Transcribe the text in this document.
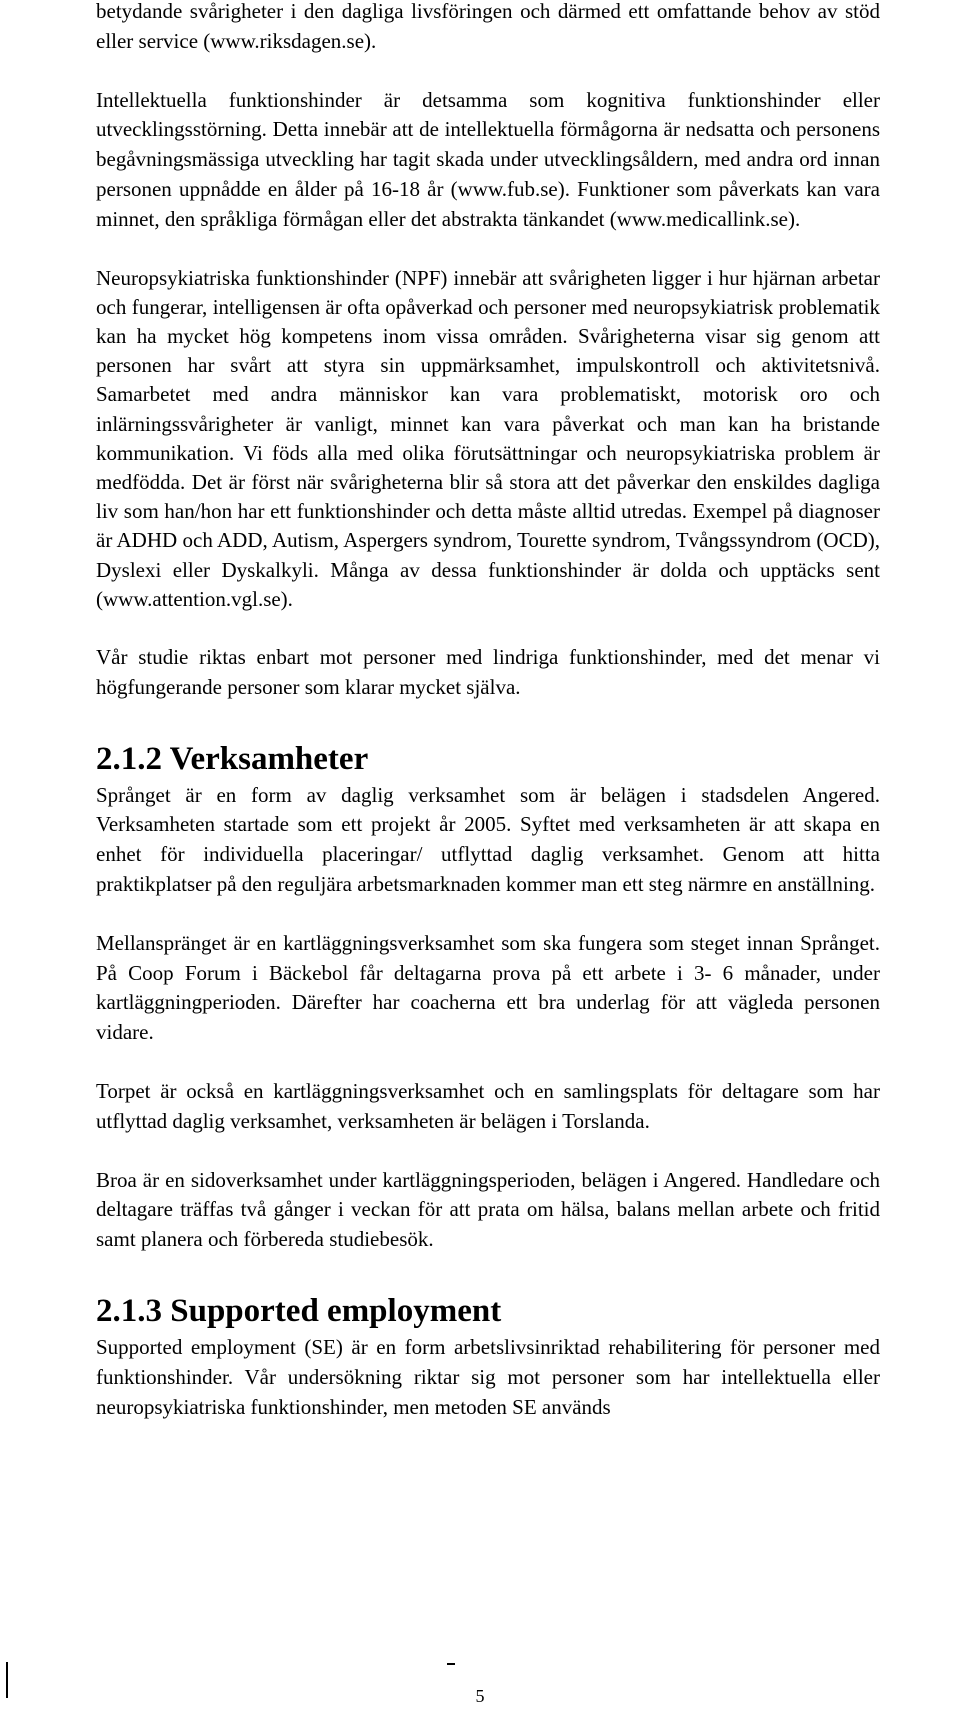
betydande svårigheter i den dagliga livsföringen och därmed ett omfattande behov av stöd eller service (www.riksdagen.se).

Intellektuella funktionshinder är detsamma som kognitiva funktionshinder eller utvecklingsstörning. Detta innebär att de intellektuella förmågorna är nedsatta och personens begåvningsmässiga utveckling har tagit skada under utvecklingsåldern, med andra ord innan personen uppnådde en ålder på 16-18 år (www.fub.se). Funktioner som påverkats kan vara minnet, den språkliga förmågan eller det abstrakta tänkandet (www.medicallink.se).

Neuropsykiatriska funktionshinder (NPF) innebär att svårigheten ligger i hur hjärnan arbetar och fungerar, intelligensen är ofta opåverkad och personer med neuropsykiatrisk problematik kan ha mycket hög kompetens inom vissa områden. Svårigheterna visar sig genom att personen har svårt att styra sin uppmärksamhet, impulskontroll och aktivitetsnivå. Samarbetet med andra människor kan vara problematiskt, motorisk oro och inlärningssvårigheter är vanligt, minnet kan vara påverkat och man kan ha bristande kommunikation. Vi föds alla med olika förutsättningar och neuropsykiatriska problem är medfödda. Det är först när svårigheterna blir så stora att det påverkar den enskildes dagliga liv som han/hon har ett funktionshinder och detta måste alltid utredas. Exempel på diagnoser är ADHD och ADD, Autism, Aspergers syndrom, Tourette syndrom, Tvångssyndrom (OCD), Dyslexi eller Dyskalkyli. Många av dessa funktionshinder är dolda och upptäcks sent (www.attention.vgl.se).

Vår studie riktas enbart mot personer med lindriga funktionshinder, med det menar vi högfungerande personer som klarar mycket själva.

2.1.2 Verksamheter

Språnget är en form av daglig verksamhet som är belägen i stadsdelen Angered. Verksamheten startade som ett projekt år 2005. Syftet med verksamheten är att skapa en enhet för individuella placeringar/ utflyttad daglig verksamhet. Genom att hitta praktikplatser på den reguljära arbetsmarknaden kommer man ett steg närmre en anställning.

Mellanspränget är en kartläggningsverksamhet som ska fungera som steget innan Språnget. På Coop Forum i Bäckebol får deltagarna prova på ett arbete i 3- 6 månader, under kartläggningperioden. Därefter har coacherna ett bra underlag för att vägleda personen vidare.

Torpet är också en kartläggningsverksamhet och en samlingsplats för deltagare som har utflyttad daglig verksamhet, verksamheten är belägen i Torslanda.

Broa är en sidoverksamhet under kartläggningsperioden, belägen i Angered. Handledare och deltagare träffas två gånger i veckan för att prata om hälsa, balans mellan arbete och fritid samt planera och förbereda studiebesök.

2.1.3 Supported employment

Supported employment (SE) är en form arbetslivsinriktad rehabilitering för personer med funktionshinder. Vår undersökning riktar sig mot personer som har intellektuella eller neuropsykiatriska funktionshinder, men metoden SE används

5
